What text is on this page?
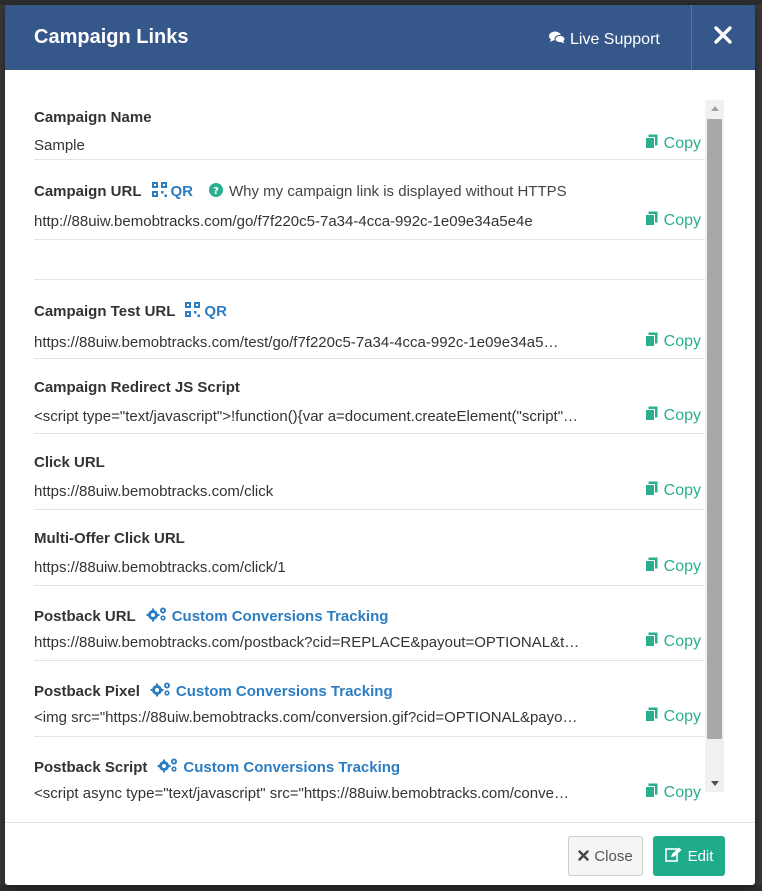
Campaign Links	Live Support
Campaign Name
Sample	Copy
Campaign URL QR ? Why my campaign link is displayed without HTTPS
http://88uiw.bemobtracks.com/go/f7f220c5-7a34-4cca-992c-1e09e34a5e4e	Copy
Campaign Test URL QR
https://88uiw.bemobtracks.com/test/go/f7f220c5-7a34-4cca-992c-1e09e34a5…	Copy
Campaign Redirect JS Script
<script type="text/javascript">!function(){var a=document.createElement("script"…	Copy
Click URL
https://88uiw.bemobtracks.com/click	Copy
Multi-Offer Click URL
https://88uiw.bemobtracks.com/click/1	Copy
Postback URL Custom Conversions Tracking
https://88uiw.bemobtracks.com/postback?cid=REPLACE&payout=OPTIONAL&t…	Copy
Postback Pixel Custom Conversions Tracking
<img src="https://88uiw.bemobtracks.com/conversion.gif?cid=OPTIONAL&payo…	Copy
Postback Script Custom Conversions Tracking
<script async type="text/javascript" src="https://88uiw.bemobtracks.com/conve…	Copy
Close	Edit
